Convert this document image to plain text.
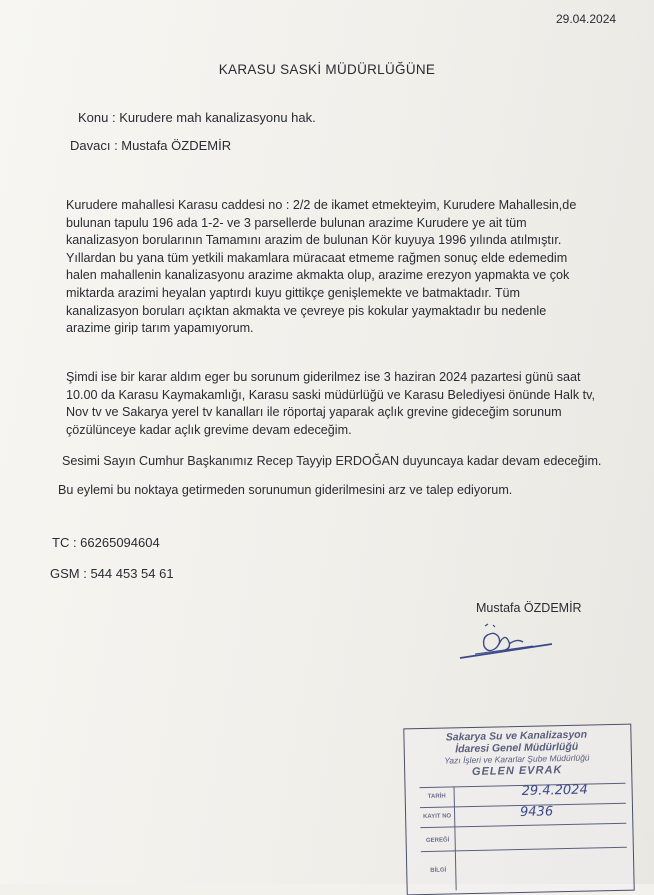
29.04.2024
KARASU SASKİ MÜDÜRLÜĞÜNE
Konu : Kurudere mah kanalizasyonu hak.
Davacı : Mustafa ÖZDEMİR
Kurudere mahallesi Karasu caddesi no : 2/2 de ikamet etmekteyim, Kurudere Mahallesin,de
bulunan tapulu 196 ada 1-2- ve 3 parsellerde bulunan arazime Kurudere ye ait tüm
kanalizasyon borularının Tamamını arazim de bulunan Kör kuyuya 1996 yılında atılmıştır.
Yıllardan bu yana tüm yetkili makamlara müracaat etmeme rağmen sonuç elde edemedim
halen mahallenin kanalizasyonu arazime akmakta olup, arazime erezyon yapmakta ve çok
miktarda arazimi heyalan yaptırdı kuyu gittikçe genişlemekte ve batmaktadır. Tüm
kanalizasyon boruları açıktan akmakta ve çevreye pis kokular yaymaktadır bu nedenle
arazime girip tarım yapamıyorum.
Şimdi ise bir karar aldım eger bu sorunum giderilmez ise 3 haziran 2024 pazartesi günü saat
10.00 da Karasu Kaymakamlığı, Karasu saski müdürlüğü ve Karasu Belediyesi önünde Halk tv,
Nov tv ve Sakarya yerel tv kanalları ile röportaj yaparak açlık grevine gideceğim sorunum
çözülünceye kadar açlık grevime devam edeceğim.
Sesimi Sayın Cumhur Başkanımız Recep Tayyip ERDOĞAN duyuncaya kadar devam edeceğim.
Bu eylemi bu noktaya getirmeden sorunumun giderilmesini arz ve talep ediyorum.
TC : 66265094604
GSM : 544 453 54 61
Mustafa ÖZDEMİR
Sakarya Su ve Kanalizasyon
İdaresi Genel Müdürlüğü
Yazı İşleri ve Kararlar Şube Müdürlüğü
GELEN EVRAK
TARİH	29.4.2024
KAYIT NO	9436
GEREĞİ
BİLGİ
